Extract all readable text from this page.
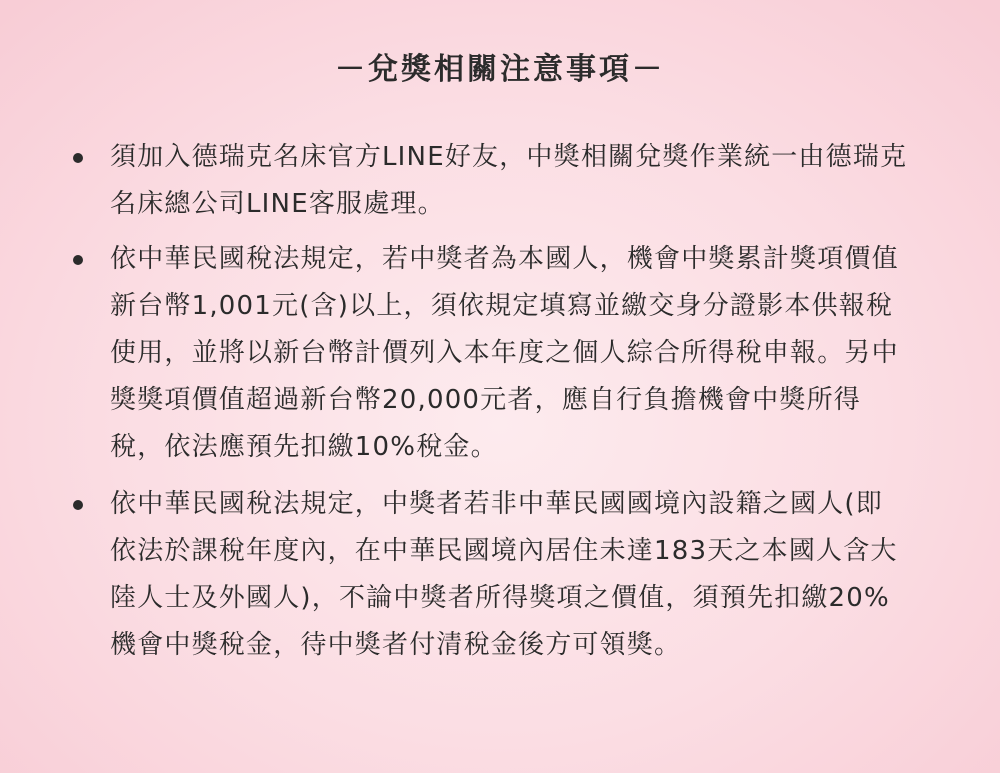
－兌獎相關注意事項－
須加入德瑞克名床官方LINE好友，中獎相關兌獎作業統一由德瑞克名床總公司LINE客服處理。
依中華民國稅法規定，若中獎者為本國人，機會中獎累計獎項價值新台幣1,001元(含)以上，須依規定填寫並繳交身分證影本供報稅使用，並將以新台幣計價列入本年度之個人綜合所得稅申報。另中獎獎項價值超過新台幣20,000元者，應自行負擔機會中獎所得稅，依法應預先扣繳10%稅金。
依中華民國稅法規定，中獎者若非中華民國國境內設籍之國人(即依法於課稅年度內，在中華民國境內居住未達183天之本國人含大陸人士及外國人)，不論中獎者所得獎項之價值，須預先扣繳20%機會中獎稅金，待中獎者付清稅金後方可領獎。
